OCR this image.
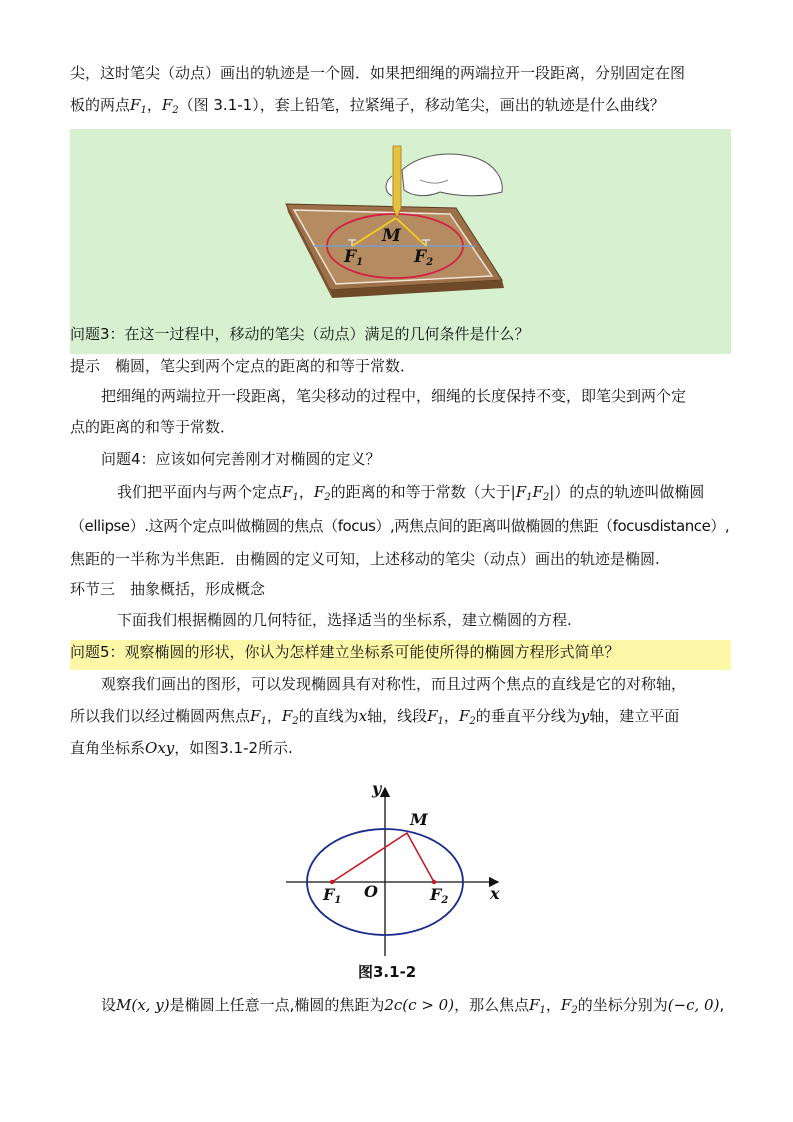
尖，这时笔尖（动点）画出的轨迹是一个圆．如果把细绳的两端拉开一段距离，分别固定在图
板的两点$F_1$，$F_2$（图 3.1-1），套上铅笔，拉紧绳子，移动笔尖，画出的轨迹是什么曲线？
M
$F_1$	$F_2$
问题3：在这一过程中，移动的笔尖（动点）满足的几何条件是什么？
提示　椭圆，笔尖到两个定点的距离的和等于常数．
把细绳的两端拉开一段距离，笔尖移动的过程中，细绳的长度保持不变，即笔尖到两个定
点的距离的和等于常数．
问题4：应该如何完善刚才对椭圆的定义？
我们把平面内与两个定点$F_1$，$F_2$的距离的和等于常数（大于$|F_1F_2|$）的点的轨迹叫做椭圆
（ellipse）.这两个定点叫做椭圆的焦点（focus）,两焦点间的距离叫做椭圆的焦距（focusdistance）,
焦距的一半称为半焦距．由椭圆的定义可知，上述移动的笔尖（动点）画出的轨迹是椭圆.
环节三　抽象概括，形成概念
下面我们根据椭圆的几何特征，选择适当的坐标系，建立椭圆的方程.
问题5：观察椭圆的形状，你认为怎样建立坐标系可能使所得的椭圆方程形式简单？
观察我们画出的图形，可以发现椭圆具有对称性，而且过两个焦点的直线是它的对称轴，
所以我们以经过椭圆两焦点$F_1$，$F_2$的直线为x轴，线段$F_1$，$F_2$的垂直平分线为y轴，建立平面
直角坐标系Oxy，如图3.1-2所示.
y
M
x
O
$F_1$	$F_2$
图3.1-2
设M(x, y)是椭圆上任意一点,椭圆的焦距为2c(c > 0)，那么焦点$F_1$，$F_2$的坐标分别为(−c, 0),
